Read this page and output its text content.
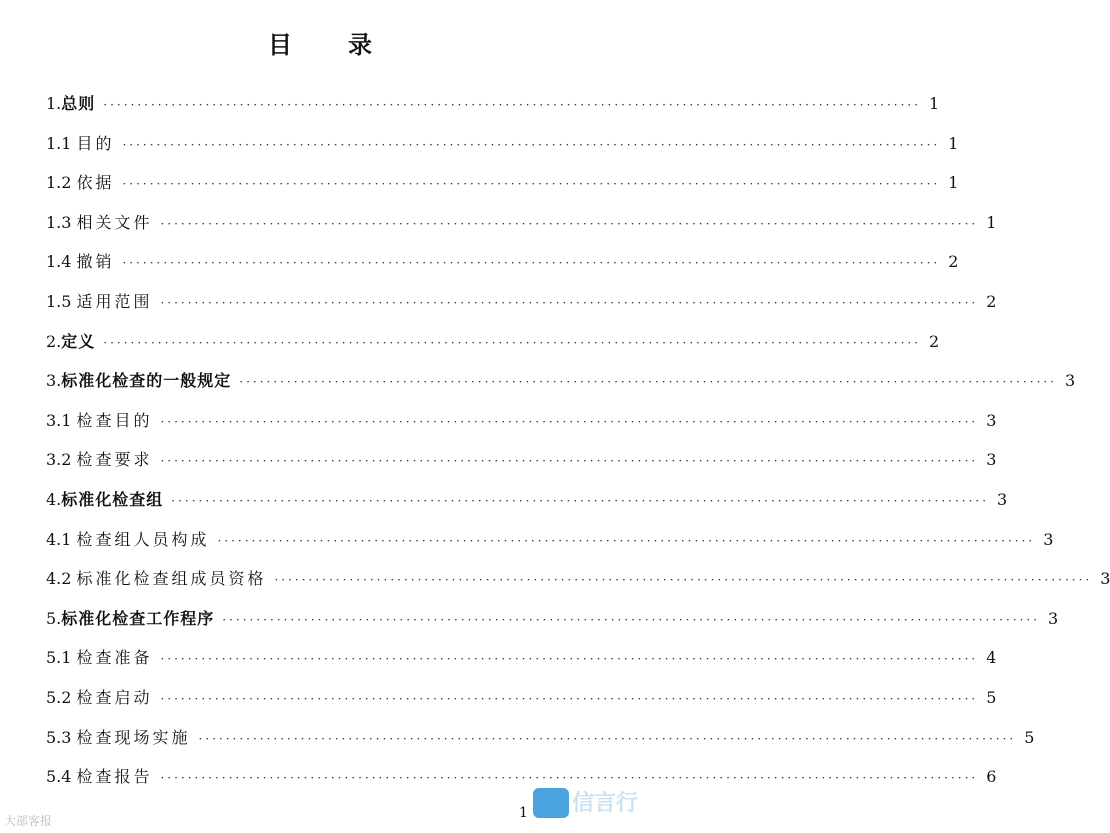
目 录
1. 总则 ························································································································ 1
1.1 目的 ························································································································ 1
1.2 依据 ························································································································ 1
1.3 相关文件 ························································································································ 1
1.4 撤销 ························································································································ 2
1.5 适用范围 ························································································································ 2
2. 定义 ························································································································ 2
3. 标准化检查的一般规定 ························································································································ 3
3.1 检查目的 ························································································································ 3
3.2 检查要求 ························································································································ 3
4. 标准化检查组 ························································································································ 3
4.1 检查组人员构成 ························································································································ 3
4.2 标准化检查组成员资格 ························································································································ 3
5. 标准化检查工作程序 ························································································································ 3
5.1 检查准备 ························································································································ 4
5.2 检查启动 ························································································································ 5
5.3 检查现场实施 ························································································································ 5
5.4 检查报告 ························································································································ 6
1
大部客报
信言行
